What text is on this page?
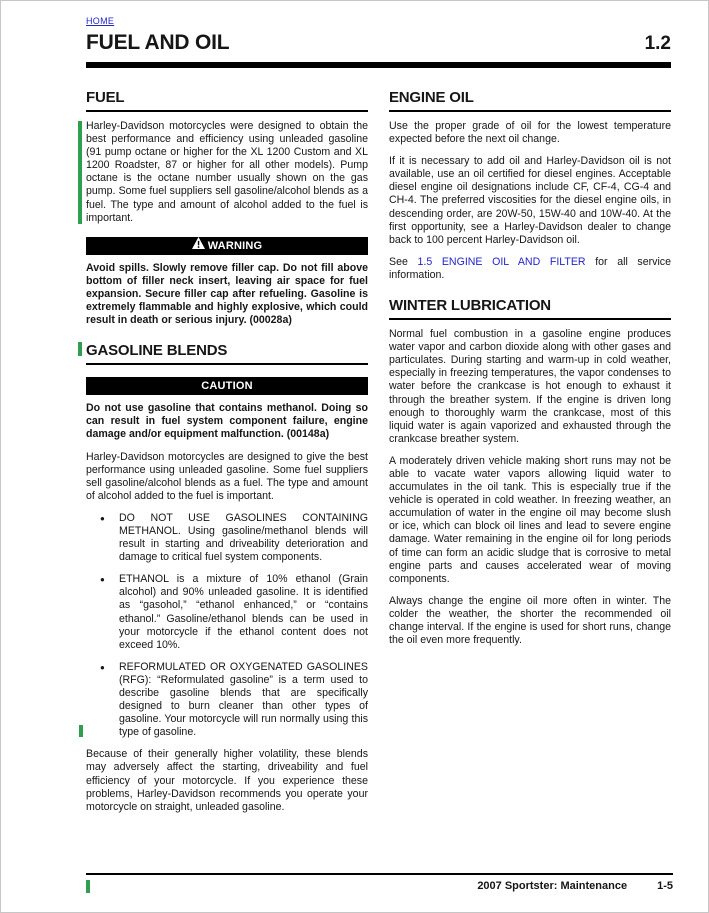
HOME
FUEL AND OIL	1.2
FUEL

Harley-Davidson motorcycles were designed to obtain the best performance and efficiency using unleaded gasoline (91 pump octane or higher for the XL 1200 Custom and XL 1200 Roadster, 87 or higher for all other models). Pump octane is the octane number usually shown on the gas pump. Some fuel suppliers sell gasoline/alcohol blends as a fuel. The type and amount of alcohol added to the fuel is important.

WARNING

Avoid spills. Slowly remove filler cap. Do not fill above bottom of filler neck insert, leaving air space for fuel expansion. Secure filler cap after refueling. Gasoline is extremely flammable and highly explosive, which could result in death or serious injury. (00028a)

GASOLINE BLENDS
CAUTION

Do not use gasoline that contains methanol. Doing so can result in fuel system component failure, engine damage and/or equipment malfunction. (00148a)

Harley-Davidson motorcycles are designed to give the best performance using unleaded gasoline. Some fuel suppliers sell gasoline/alcohol blends as a fuel. The type and amount of alcohol added to the fuel is important.

● DO NOT USE GASOLINES CONTAINING METHANOL. Using gasoline/methanol blends will result in starting and driveability deterioration and damage to critical fuel system components.
● ETHANOL is a mixture of 10% ethanol (Grain alcohol) and 90% unleaded gasoline. It is identified as “gasohol,” “ethanol enhanced,” or “contains ethanol.” Gasoline/ethanol blends can be used in your motorcycle if the ethanol content does not exceed 10%.
● REFORMULATED OR OXYGENATED GASOLINES (RFG): “Reformulated gasoline” is a term used to describe gasoline blends that are specifically designed to burn cleaner than other types of gasoline. Your motorcycle will run normally using this type of gasoline.

Because of their generally higher volatility, these blends may adversely affect the starting, driveability and fuel efficiency of your motorcycle. If you experience these problems, Harley-Davidson recommends you operate your motorcycle on straight, unleaded gasoline.

ENGINE OIL

Use the proper grade of oil for the lowest temperature expected before the next oil change.

If it is necessary to add oil and Harley-Davidson oil is not available, use an oil certified for diesel engines. Acceptable diesel engine oil designations include CF, CF-4, CG-4 and CH-4. The preferred viscosities for the diesel engine oils, in descending order, are 20W-50, 15W-40 and 10W-40. At the first opportunity, see a Harley-Davidson dealer to change back to 100 percent Harley-Davidson oil.

See 1.5 ENGINE OIL AND FILTER for all service information.

WINTER LUBRICATION

Normal fuel combustion in a gasoline engine produces water vapor and carbon dioxide along with other gases and particulates. During starting and warm-up in cold weather, especially in freezing temperatures, the vapor condenses to water before the crankcase is hot enough to exhaust it through the breather system. If the engine is driven long enough to thoroughly warm the crankcase, most of this liquid water is again vaporized and exhausted through the crankcase breather system.

A moderately driven vehicle making short runs may not be able to vacate water vapors allowing liquid water to accumulates in the oil tank. This is especially true if the vehicle is operated in cold weather. In freezing weather, an accumulation of water in the engine oil may become slush or ice, which can block oil lines and lead to severe engine damage. Water remaining in the engine oil for long periods of time can form an acidic sludge that is corrosive to metal engine parts and causes accelerated wear of moving components.

Always change the engine oil more often in winter. The colder the weather, the shorter the recommended oil change interval. If the engine is used for short runs, change the oil even more frequently.

2007 Sportster: Maintenance	1-5
